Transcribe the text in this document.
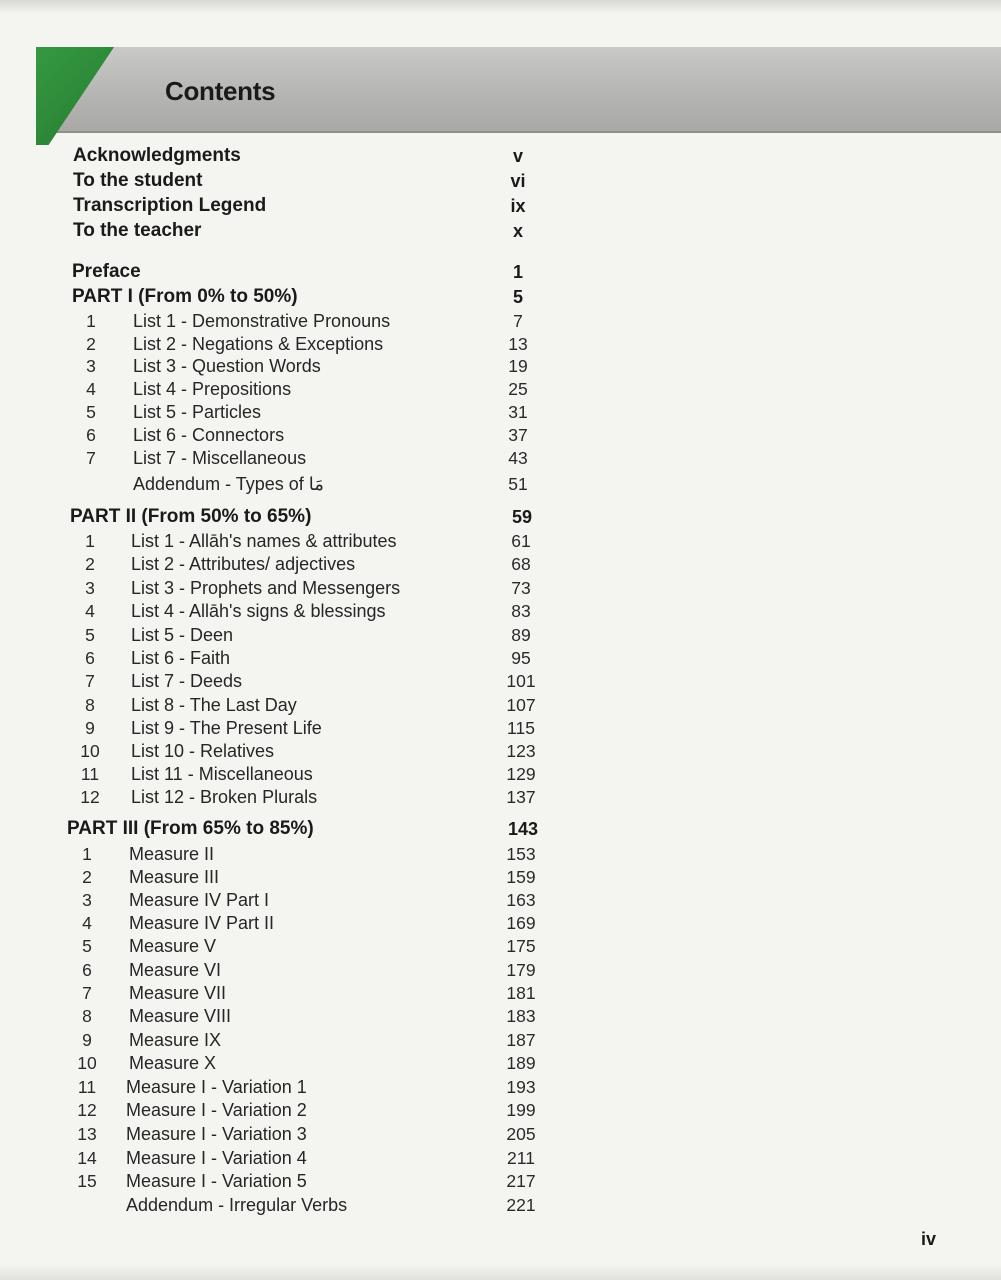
Contents
Acknowledgments	v
To the student	vi
Transcription Legend	ix
To the teacher	x
Preface	1
PART I (From 0% to 50%)	5
1	List 1 - Demonstrative Pronouns	7
2	List 2 - Negations & Exceptions	13
3	List 3 - Question Words	19
4	List 4 - Prepositions	25
5	List 5 - Particles	31
6	List 6 - Connectors	37
7	List 7 - Miscellaneous	43
Addendum - Types of مَا	51
PART II (From 50% to 65%)	59
1	List 1 - Allāh's names & attributes	61
2	List 2 - Attributes/ adjectives	68
3	List 3 - Prophets and Messengers	73
4	List 4 - Allāh's signs & blessings	83
5	List 5 - Deen	89
6	List 6 - Faith	95
7	List 7 - Deeds	101
8	List 8 - The Last Day	107
9	List 9 - The Present Life	115
10	List 10 - Relatives	123
11	List 11 - Miscellaneous	129
12	List 12 - Broken Plurals	137
PART III (From 65% to 85%)	143
1	Measure II	153
2	Measure III	159
3	Measure IV Part I	163
4	Measure IV Part II	169
5	Measure V	175
6	Measure VI	179
7	Measure VII	181
8	Measure VIII	183
9	Measure IX	187
10	Measure X	189
11	Measure I - Variation 1	193
12	Measure I - Variation 2	199
13	Measure I - Variation 3	205
14	Measure I - Variation 4	211
15	Measure I - Variation 5	217
Addendum - Irregular Verbs	221
iv
